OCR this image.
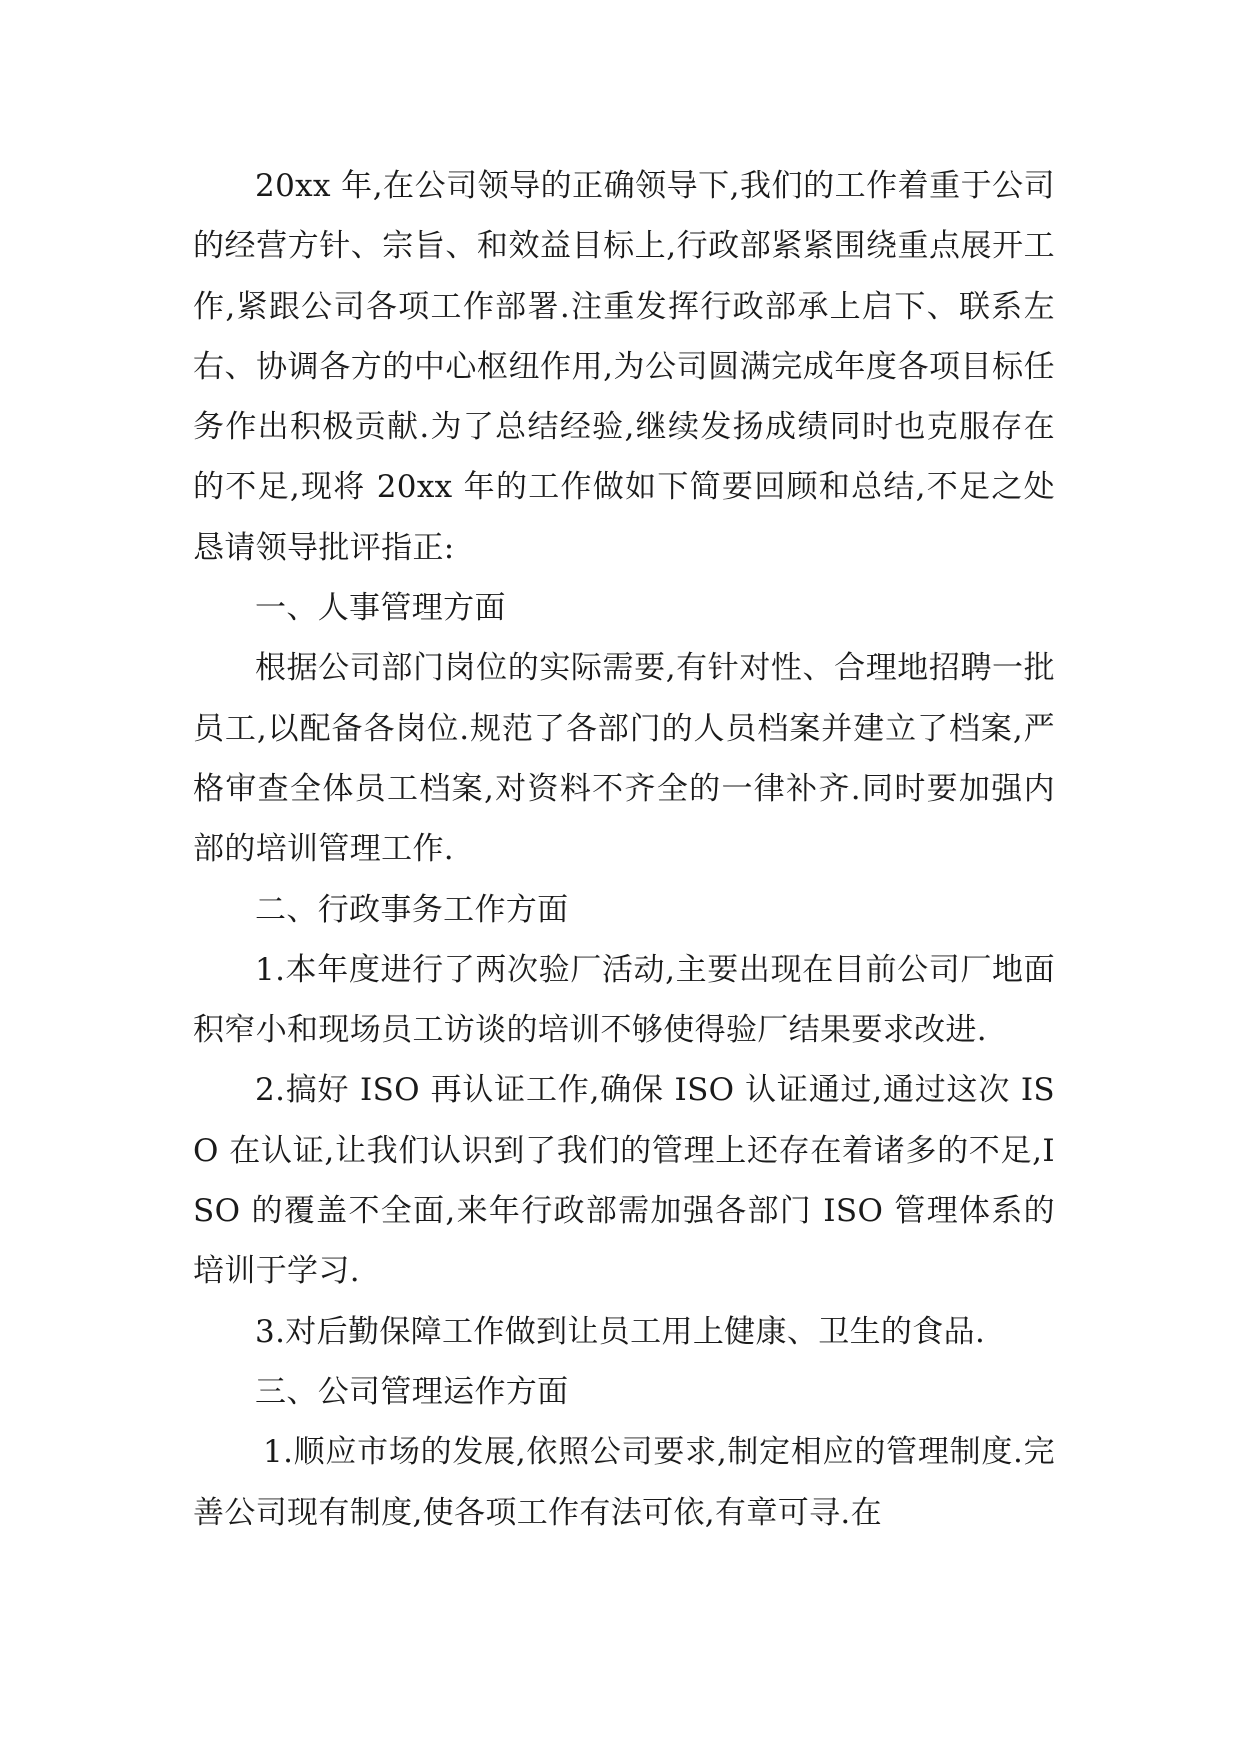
20xx 年,在公司领导的正确领导下,我们的工作着重于公司的经营方针、宗旨、和效益目标上,行政部紧紧围绕重点展开工作,紧跟公司各项工作部署.注重发挥行政部承上启下、联系左右、协调各方的中心枢纽作用,为公司圆满完成年度各项目标任务作出积极贡献.为了总结经验,继续发扬成绩同时也克服存在的不足,现将 20xx 年的工作做如下简要回顾和总结,不足之处恳请领导批评指正:

一、人事管理方面

根据公司部门岗位的实际需要,有针对性、合理地招聘一批员工,以配备各岗位.规范了各部门的人员档案并建立了档案,严格审查全体员工档案,对资料不齐全的一律补齐.同时要加强内部的培训管理工作.

二、行政事务工作方面

1.本年度进行了两次验厂活动,主要出现在目前公司厂地面积窄小和现场员工访谈的培训不够使得验厂结果要求改进.

2.搞好 ISO 再认证工作,确保 ISO 认证通过,通过这次 ISO 在认证,让我们认识到了我们的管理上还存在着诸多的不足,ISO 的覆盖不全面,来年行政部需加强各部门 ISO 管理体系的培训于学习.

3.对后勤保障工作做到让员工用上健康、卫生的食品.

三、公司管理运作方面

1.顺应市场的发展,依照公司要求,制定相应的管理制度.完善公司现有制度,使各项工作有法可依,有章可寻.在
